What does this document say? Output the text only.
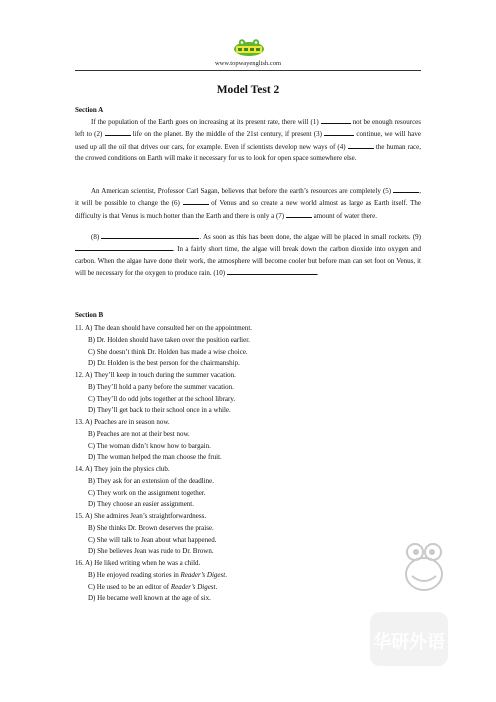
www.topwayenglish.com
Model Test 2
Section A
If the population of the Earth goes on increasing at its present rate, there will (1)	not be enough resources left to (2)	life on the planet. By the middle of the 21st century, if present (3)	continue, we will have used up all the oil that drives our cars, for example. Even if scientists develop new ways of (4)	the human race, the crowed conditions on Earth will make it necessary for us to look for open space somewhere else.
An American scientist, Professor Carl Sagan, believes that before the earth’s resources are completely (5)	, it will be possible to change the (6)	of Venus and so create a new world almost as large as Earth itself. The difficulty is that Venus is much hotter than the Earth and there is only a (7)	amount of water there.
(8)	. As soon as this has been done, the algae will be placed in small rockets. (9) . In a fairly short time, the algae will break down the carbon dioxide into oxygen and carbon. When the algae have done their work, the atmosphere will become cooler but before man can set foot on Venus, it will be necessary for the oxygen to produce rain. (10)	.
Section B
11. A) The dean should have consulted her on the appointment.
B) Dr. Holden should have taken over the position earlier.
C) She doesn’t think Dr. Holden has made a wise choice.
D) Dr. Holden is the best person for the chairmanship.
12.A) They’ll keep in touch during the summer vacation.
B) They’ll hold a party before the summer vacation.
C) They’ll do odd jobs together at the school library.
D) They’ll get back to their school once in a while.
13.A) Peaches are in season now.
B) Peaches are not at their best now.
C) The woman didn’t know how to bargain.
D) The woman helped the man choose the fruit.
14.A) They join the physics club.
B) They ask for an extension of the deadline.
C) They work on the assignment together.
D) They choose an easier assignment.
15.A) She admires Jean’s straightforwardness.
B) She thinks Dr. Brown deserves the praise.
C) She will talk to Jean about what happened.
D) She believes Jean was rude to Dr. Brown.
16.A) He liked writing when he was a child.
B) He enjoyed reading stories in Reader’s Digest.
C) He used to be an editor of Reader’s Digest.
D) He became well known at the age of six.
华研外语
